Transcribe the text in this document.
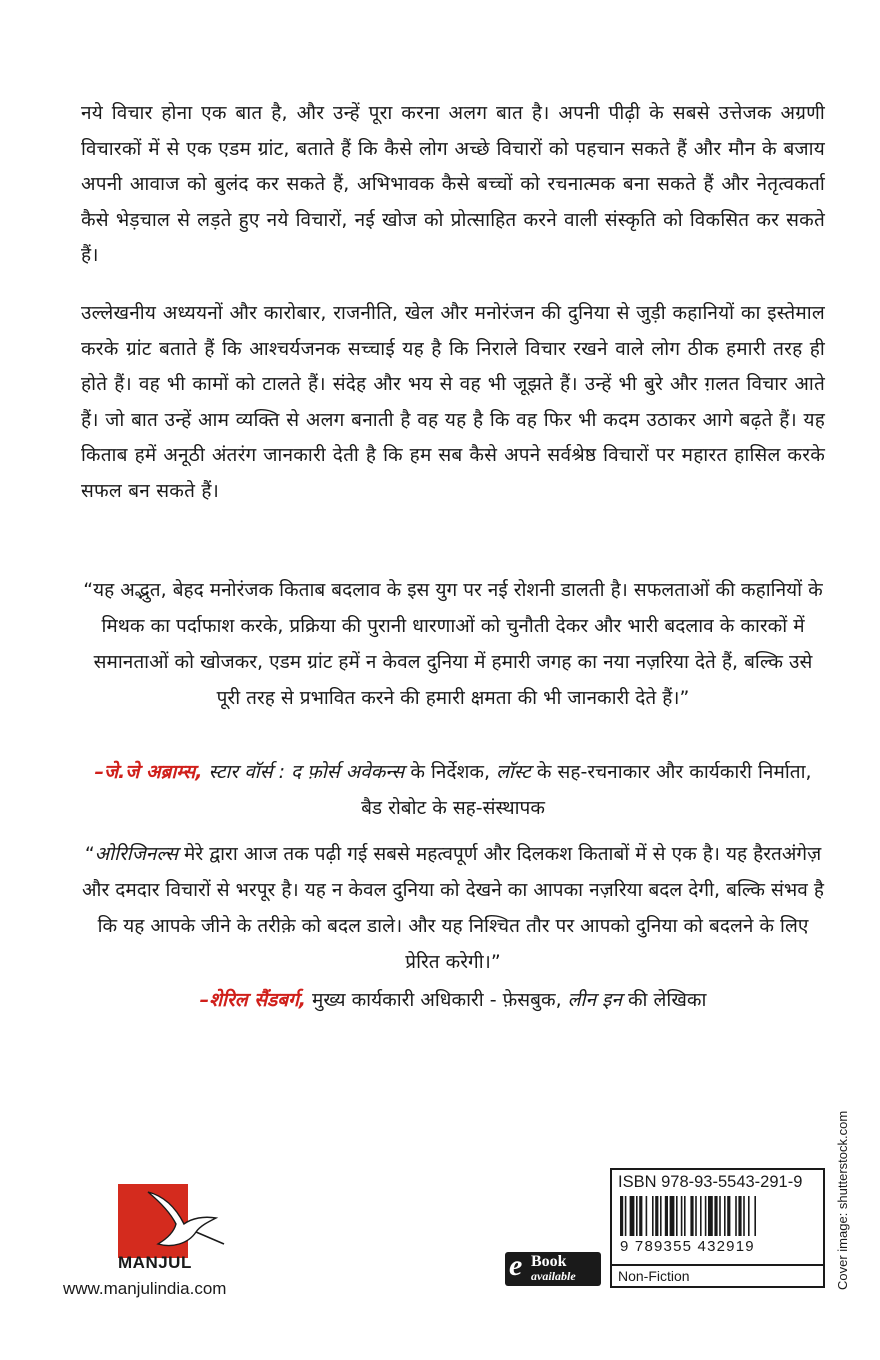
नये विचार होना एक बात है, और उन्हें पूरा करना अलग बात है। अपनी पीढ़ी के सबसे उत्तेजक अग्रणी विचारकों में से एक एडम ग्रांट, बताते हैं कि कैसे लोग अच्छे विचारों को पहचान सकते हैं और मौन के बजाय अपनी आवाज को बुलंद कर सकते हैं, अभिभावक कैसे बच्चों को रचनात्मक बना सकते हैं और नेतृत्वकर्ता कैसे भेड़चाल से लड़ते हुए नये विचारों, नई खोज को प्रोत्साहित करने वाली संस्कृति को विकसित कर सकते हैं।

उल्लेखनीय अध्ययनों और कारोबार, राजनीति, खेल और मनोरंजन की दुनिया से जुड़ी कहानियों का इस्तेमाल करके ग्रांट बताते हैं कि आश्चर्यजनक सच्चाई यह है कि निराले विचार रखने वाले लोग ठीक हमारी तरह ही होते हैं। वह भी कामों को टालते हैं। संदेह और भय से वह भी जूझते हैं। उन्हें भी बुरे और ग़लत विचार आते हैं। जो बात उन्हें आम व्यक्ति से अलग बनाती है वह यह है कि वह फिर भी कदम उठाकर आगे बढ़ते हैं। यह किताब हमें अनूठी अंतरंग जानकारी देती है कि हम सब कैसे अपने सर्वश्रेष्ठ विचारों पर महारत हासिल करके सफल बन सकते हैं।

“यह अद्भुत, बेहद मनोरंजक किताब बदलाव के इस युग पर नई रोशनी डालती है। सफलताओं की कहानियों के मिथक का पर्दाफाश करके, प्रक्रिया की पुरानी धारणाओं को चुनौती देकर और भारी बदलाव के कारकों में समानताओं को खोजकर, एडम ग्रांट हमें न केवल दुनिया में हमारी जगह का नया नज़रिया देते हैं, बल्कि उसे पूरी तरह से प्रभावित करने की हमारी क्षमता की भी जानकारी देते हैं।”

–जे.जे अब्राम्स, स्टार वॉर्स : द फ़ोर्स अवेकन्स के निर्देशक, लॉस्ट के सह-रचनाकार और कार्यकारी निर्माता, बैड रोबोट के सह-संस्थापक

“ओरिजिनल्स मेरे द्वारा आज तक पढ़ी गई सबसे महत्वपूर्ण और दिलकश किताबों में से एक है। यह हैरतअंगेज़ और दमदार विचारों से भरपूर है। यह न केवल दुनिया को देखने का आपका नज़रिया बदल देगी, बल्कि संभव है कि यह आपके जीने के तरीक़े को बदल डाले। और यह निश्चित तौर पर आपको दुनिया को बदलने के लिए प्रेरित करेगी।”

–शेरिल सैंडबर्ग, मुख्य कार्यकारी अधिकारी - फ़ेसबुक, लीन इन की लेखिका

MANJUL
www.manjulindia.com
e Book
available
ISBN 978-93-5543-291-9
9 789355 432919
Non-Fiction	Cover image: shutterstock.com
